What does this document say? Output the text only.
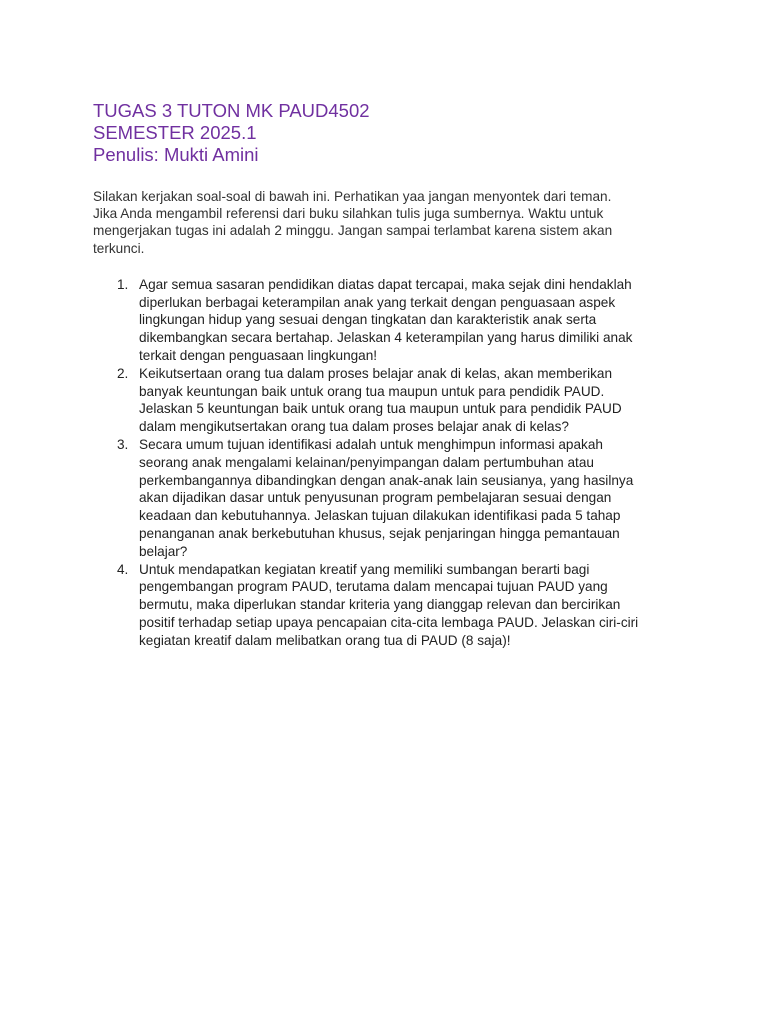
TUGAS 3 TUTON MK PAUD4502
SEMESTER 2025.1
Penulis: Mukti Amini

Silakan kerjakan soal-soal di bawah ini. Perhatikan yaa jangan menyontek dari teman. Jika Anda mengambil referensi dari buku silahkan tulis juga sumbernya. Waktu untuk mengerjakan tugas ini adalah 2 minggu. Jangan sampai terlambat karena sistem akan terkunci.

1. Agar semua sasaran pendidikan diatas dapat tercapai, maka sejak dini hendaklah diperlukan berbagai keterampilan anak yang terkait dengan penguasaan aspek lingkungan hidup yang sesuai dengan tingkatan dan karakteristik anak serta dikembangkan secara bertahap. Jelaskan 4 keterampilan yang harus dimiliki anak terkait dengan penguasaan lingkungan!
2. Keikutsertaan orang tua dalam proses belajar anak di kelas, akan memberikan banyak keuntungan baik untuk orang tua maupun untuk para pendidik PAUD. Jelaskan 5 keuntungan baik untuk orang tua maupun untuk para pendidik PAUD dalam mengikutsertakan orang tua dalam proses belajar anak di kelas?
3. Secara umum tujuan identifikasi adalah untuk menghimpun informasi apakah seorang anak mengalami kelainan/penyimpangan dalam pertumbuhan atau perkembangannya dibandingkan dengan anak-anak lain seusianya, yang hasilnya akan dijadikan dasar untuk penyusunan program pembelajaran sesuai dengan keadaan dan kebutuhannya. Jelaskan tujuan dilakukan identifikasi pada 5 tahap penanganan anak berkebutuhan khusus, sejak penjaringan hingga pemantauan belajar?
4. Untuk mendapatkan kegiatan kreatif yang memiliki sumbangan berarti bagi pengembangan program PAUD, terutama dalam mencapai tujuan PAUD yang bermutu, maka diperlukan standar kriteria yang dianggap relevan dan bercirikan positif terhadap setiap upaya pencapaian cita-cita lembaga PAUD. Jelaskan ciri-ciri kegiatan kreatif dalam melibatkan orang tua di PAUD (8 saja)!
